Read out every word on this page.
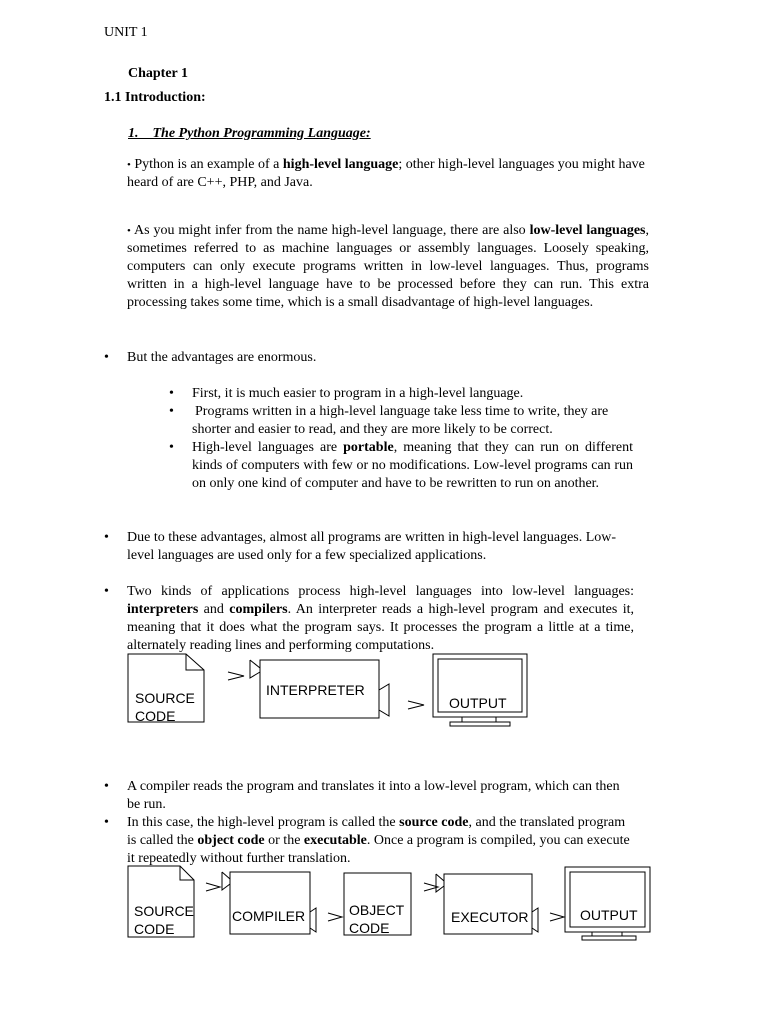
UNIT 1
Chapter 1
1.1 Introduction:
1.    The Python Programming Language:
• Python is an example of a high-level language; other high-level languages you might have heard of are C++, PHP, and Java.
• As you might infer from the name high-level language, there are also low-level languages, sometimes referred to as machine languages or assembly languages. Loosely speaking, computers can only execute programs written in low-level languages. Thus, programs written in a high-level language have to be processed before they can run. This extra processing takes some time, which is a small disadvantage of high-level languages.
• But the advantages are enormous.
• First, it is much easier to program in a high-level language.
• Programs written in a high-level language take less time to write, they are shorter and easier to read, and they are more likely to be correct.
• High-level languages are portable, meaning that they can run on different kinds of computers with few or no modifications. Low-level programs can run on only one kind of computer and have to be rewritten to run on another.
• Due to these advantages, almost all programs are written in high-level languages. Low-level languages are used only for a few specialized applications.
• Two kinds of applications process high-level languages into low-level languages: interpreters and compilers. An interpreter reads a high-level program and executes it, meaning that it does what the program says. It processes the program a little at a time, alternately reading lines and performing computations.
SOURCE
CODE
INTERPRETER
OUTPUT
• A compiler reads the program and translates it into a low-level program, which can then be run.
• In this case, the high-level program is called the source code, and the translated program is called the object code or the executable. Once a program is compiled, you can execute it repeatedly without further translation.
SOURCE
CODE
COMPILER	OBJECT
CODE
EXECUTOR	OUTPUT
